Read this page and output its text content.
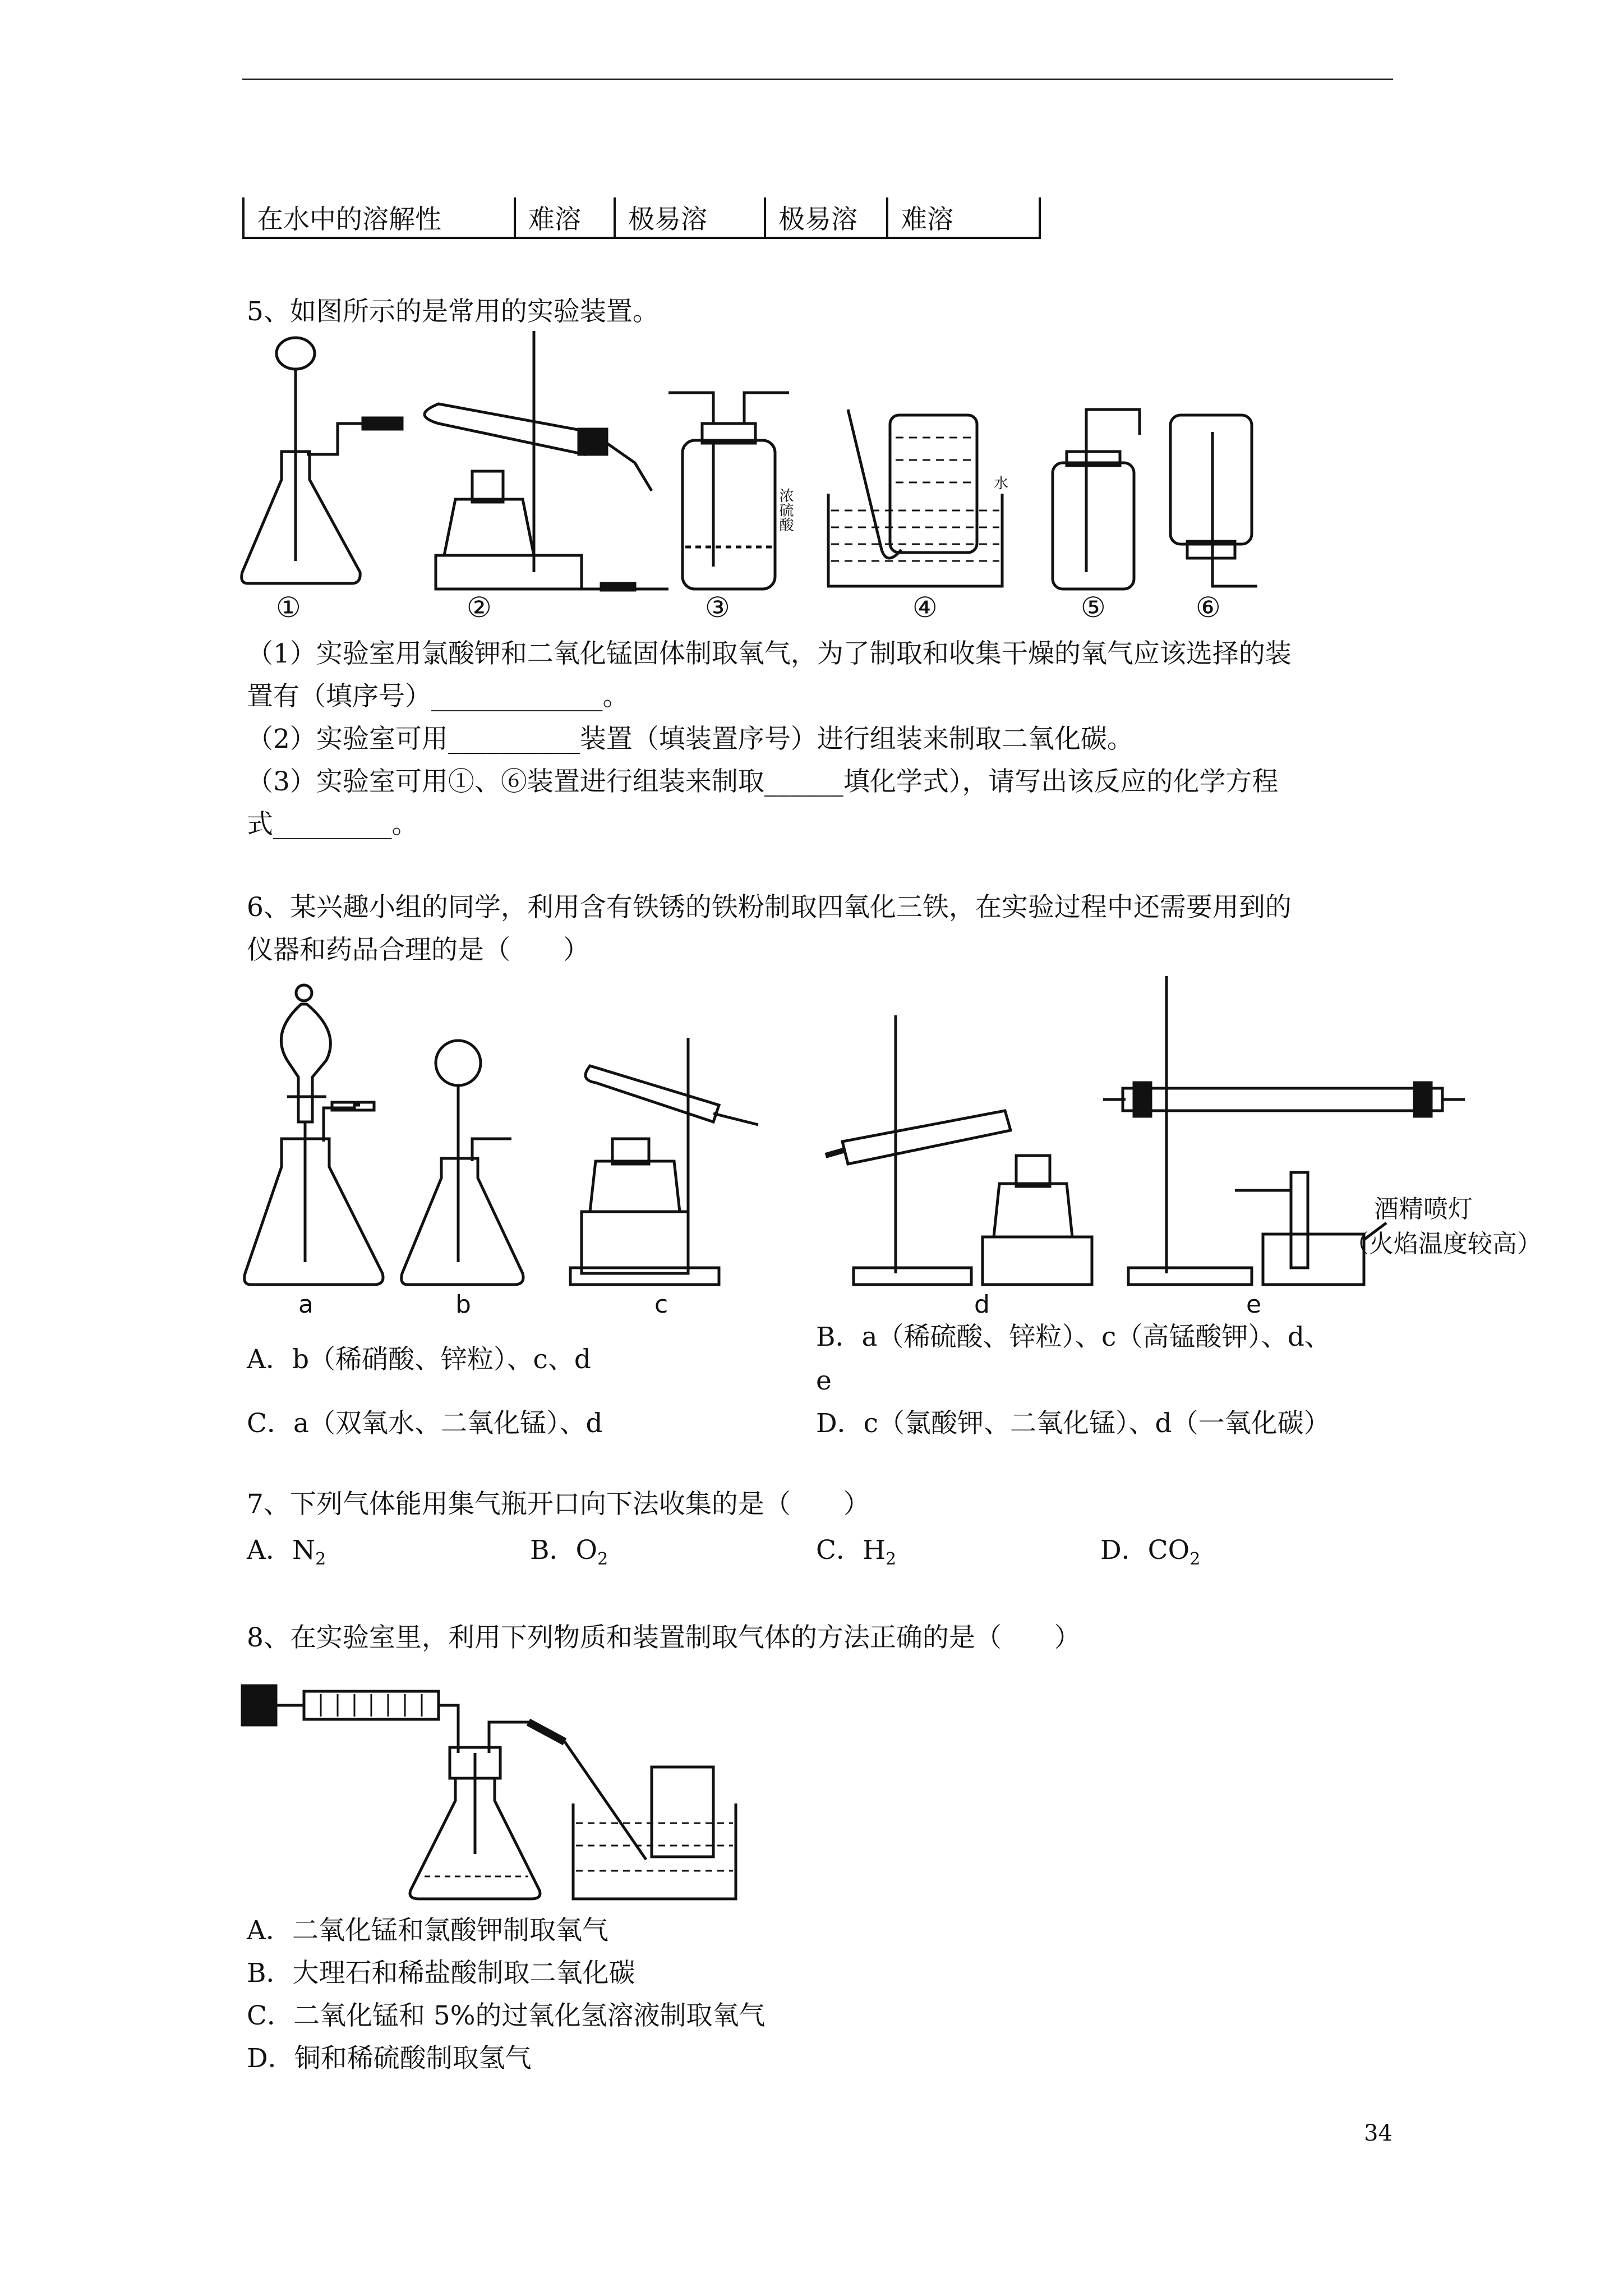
在水中的溶解性	难溶	极易溶	极易溶	难溶
5、如图所示的是常用的实验装置。
①	②
浓硫酸
③
水
④	⑤	⑥
（1）实验室用氯酸钾和二氧化锰固体制取氧气，为了制取和收集干燥的氧气应该选择的装
置有（填序号）_____________。
（2）实验室可用__________装置（填装置序号）进行组装来制取二氧化碳。
（3）实验室可用①、⑥装置进行组装来制取______填化学式），请写出该反应的化学方程
式_________。
6、某兴趣小组的同学，利用含有铁锈的铁粉制取四氧化三铁，在实验过程中还需要用到的
仪器和药品合理的是（　　）
a	b	c	d	e
酒精喷灯
（火焰温度较高）
A．b（稀硝酸、锌粒）、c、d
B．a（稀硫酸、锌粒）、c（高锰酸钾）、d、
e
C．a（双氧水、二氧化锰）、d	D．c（氯酸钾、二氧化锰）、d（一氧化碳）
7、下列气体能用集气瓶开口向下法收集的是（　　）
A．$N_2$	B．$O_2$	C．$H_2$	D．$CO_2$
8、在实验室里，利用下列物质和装置制取气体的方法正确的是（　　）
A．二氧化锰和氯酸钾制取氧气
B．大理石和稀盐酸制取二氧化碳
C．二氧化锰和 5%的过氧化氢溶液制取氧气
D．铜和稀硫酸制取氢气
34
